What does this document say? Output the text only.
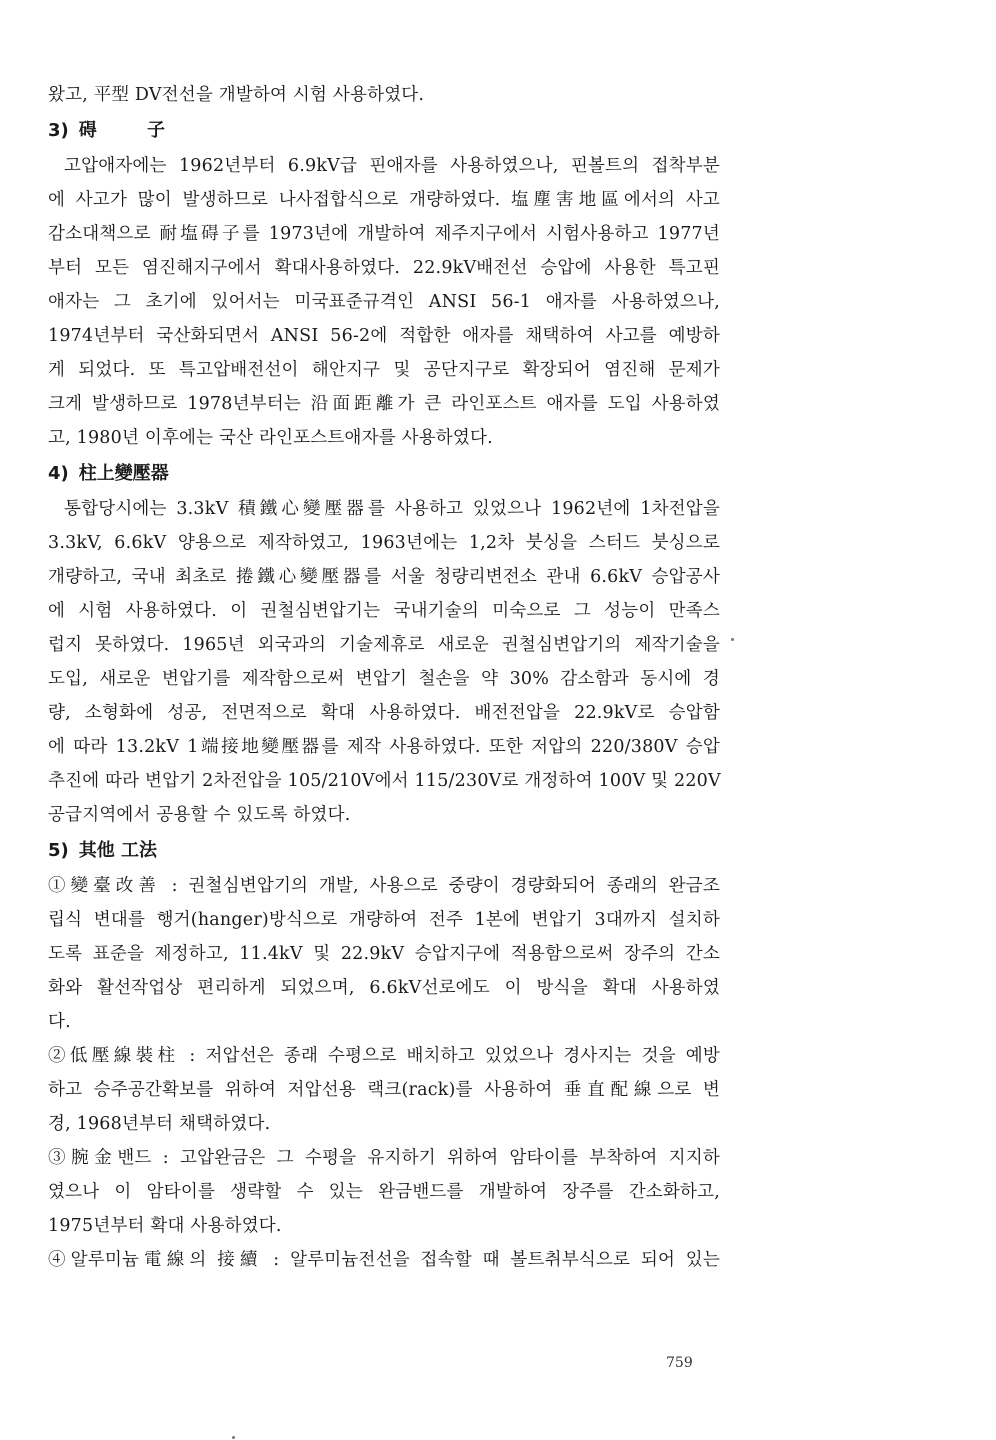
왔고, 平型 DV전선을 개발하여 시험 사용하였다.
3) 碍 子
고압애자에는 1962년부터 6.9kV급 핀애자를 사용하였으나, 핀볼트의 접착부분
에 사고가 많이 발생하므로 나사접합식으로 개량하였다. 塩塵害地區에서의 사고
감소대책으로 耐塩碍子를 1973년에 개발하여 제주지구에서 시험사용하고 1977년
부터 모든 염진해지구에서 확대사용하였다. 22.9kV배전선 승압에 사용한 특고핀
애자는 그 초기에 있어서는 미국표준규격인 ANSI 56-1 애자를 사용하였으나,
1974년부터 국산화되면서 ANSI 56-2에 적합한 애자를 채택하여 사고를 예방하
게 되었다. 또 특고압배전선이 해안지구 및 공단지구로 확장되어 염진해 문제가
크게 발생하므로 1978년부터는 沿面距離가 큰 라인포스트 애자를 도입 사용하였
고, 1980년 이후에는 국산 라인포스트애자를 사용하였다.
4) 柱上變壓器
통합당시에는 3.3kV 積鐵心變壓器를 사용하고 있었으나 1962년에 1차전압을
3.3kV, 6.6kV 양용으로 제작하였고, 1963년에는 1,2차 붓싱을 스터드 붓싱으로
개량하고, 국내 최초로 捲鐵心變壓器를 서울 청량리변전소 관내 6.6kV 승압공사
에 시험 사용하였다. 이 권철심변압기는 국내기술의 미숙으로 그 성능이 만족스
럽지 못하였다. 1965년 외국과의 기술제휴로 새로운 권철심변압기의 제작기술을
도입, 새로운 변압기를 제작함으로써 변압기 철손을 약 30% 감소함과 동시에 경
량, 소형화에 성공, 전면적으로 확대 사용하였다. 배전전압을 22.9kV로 승압함
에 따라 13.2kV 1端接地變壓器를 제작 사용하였다. 또한 저압의 220/380V 승압
추진에 따라 변압기 2차전압을 105/210V에서 115/230V로 개정하여 100V 및 220V
공급지역에서 공용할 수 있도록 하였다.
5) 其他 工法
①變臺改善 : 권철심변압기의 개발, 사용으로 중량이 경량화되어 종래의 완금조
립식 변대를 행거(hanger)방식으로 개량하여 전주 1본에 변압기 3대까지 설치하
도록 표준을 제정하고, 11.4kV 및 22.9kV 승압지구에 적용함으로써 장주의 간소
화와 활선작업상 편리하게 되었으며, 6.6kV선로에도 이 방식을 확대 사용하였
다.
②低壓線裝柱 : 저압선은 종래 수평으로 배치하고 있었으나 경사지는 것을 예방
하고 승주공간확보를 위하여 저압선용 랙크(rack)를 사용하여 垂直配線으로 변
경, 1968년부터 채택하였다.
③腕金밴드 : 고압완금은 그 수평을 유지하기 위하여 암타이를 부착하여 지지하
였으나 이 암타이를 생략할 수 있는 완금밴드를 개발하여 장주를 간소화하고,
1975년부터 확대 사용하였다.
④알루미늄電線의 接續 : 알루미늄전선을 접속할 때 볼트취부식으로 되어 있는
759
